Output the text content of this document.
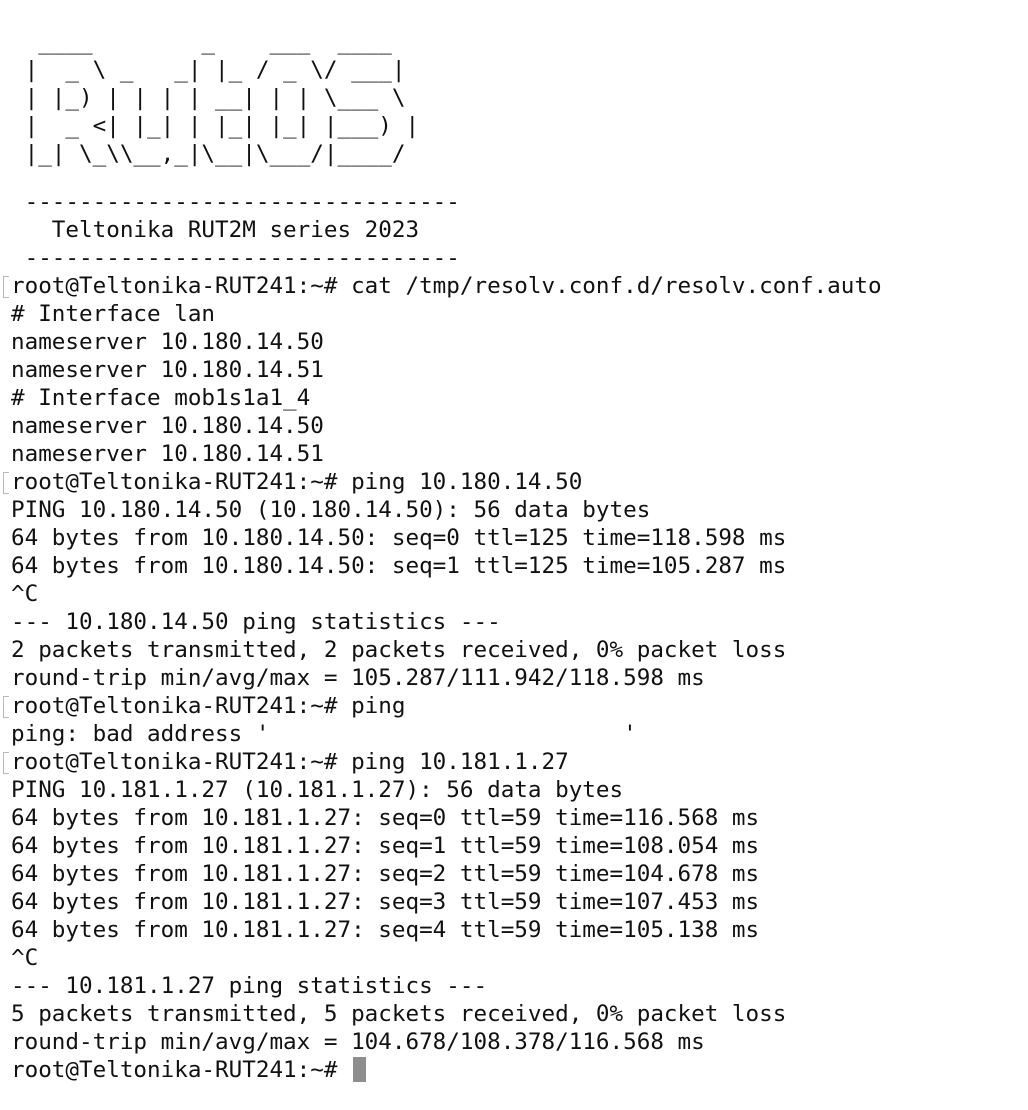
____        _    ___  ____
|  _ \ _   _| |_ / _ \/ ___|
| |_) | | | | __| | | \___ \
|  _ <| |_| | |_| |_| |___) |
|_| \_\\__,_|\__|\___/|____/
--------------------------------
Teltonika RUT2M series 2023
--------------------------------
root@Teltonika-RUT241:~# cat /tmp/resolv.conf.d/resolv.conf.auto
# Interface lan
nameserver 10.180.14.50
nameserver 10.180.14.51
# Interface mob1s1a1_4
nameserver 10.180.14.50
nameserver 10.180.14.51
root@Teltonika-RUT241:~# ping 10.180.14.50
PING 10.180.14.50 (10.180.14.50): 56 data bytes
64 bytes from 10.180.14.50: seq=0 ttl=125 time=118.598 ms
64 bytes from 10.180.14.50: seq=1 ttl=125 time=105.287 ms
^C
--- 10.180.14.50 ping statistics ---
2 packets transmitted, 2 packets received, 0% packet loss
round-trip min/avg/max = 105.287/111.942/118.598 ms
root@Teltonika-RUT241:~# ping
ping: bad address '                          '
root@Teltonika-RUT241:~# ping 10.181.1.27
PING 10.181.1.27 (10.181.1.27): 56 data bytes
64 bytes from 10.181.1.27: seq=0 ttl=59 time=116.568 ms
64 bytes from 10.181.1.27: seq=1 ttl=59 time=108.054 ms
64 bytes from 10.181.1.27: seq=2 ttl=59 time=104.678 ms
64 bytes from 10.181.1.27: seq=3 ttl=59 time=107.453 ms
64 bytes from 10.181.1.27: seq=4 ttl=59 time=105.138 ms
^C
--- 10.181.1.27 ping statistics ---
5 packets transmitted, 5 packets received, 0% packet loss
round-trip min/avg/max = 104.678/108.378/116.568 ms
root@Teltonika-RUT241:~#
